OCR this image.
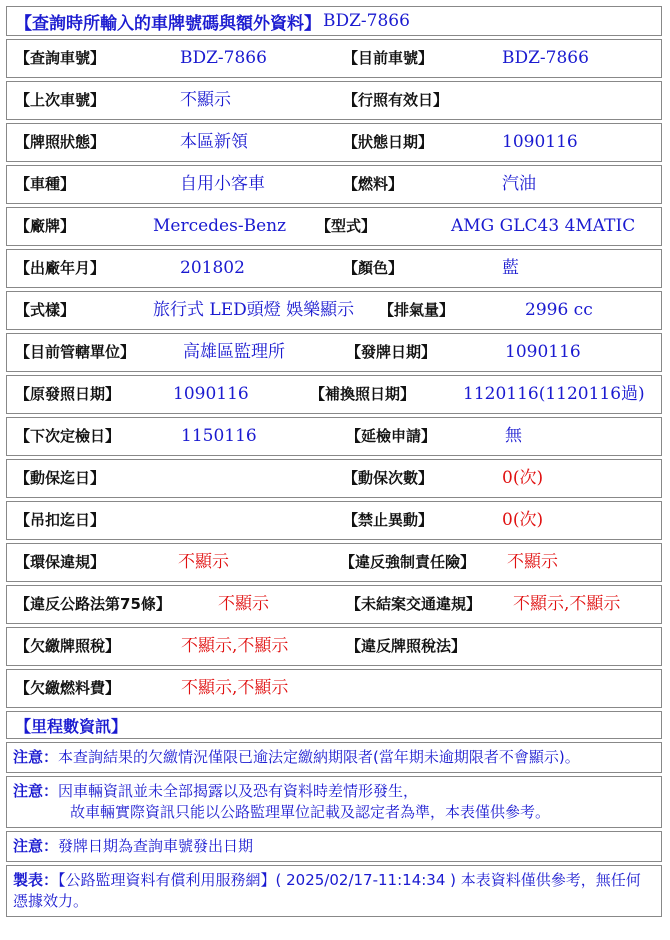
【查詢時所輸入的車牌號碼與額外資料】 BDZ-7866
【查詢車號】	BDZ-7866	【目前車號】	BDZ-7866
【上次車號】	不顯示	【行照有效日】
【牌照狀態】	本區新領	【狀態日期】	1090116
【車種】	自用小客車	【燃料】	汽油
【廠牌】	Mercedes-Benz 【型式】	AMG GLC43 4MATIC
【出廠年月】	201802	【顏色】	藍
【式樣】	旅行式 LED頭燈 娛樂顯示 【排氣量】	2996 cc
【目前管轄單位】	高雄區監理所	【發牌日期】	1090116
【原發照日期】	1090116	【補換照日期】	1120116(1120116過)
【下次定檢日】	1150116	【延檢申請】	無
【動保迄日】	【動保次數】	0(次)
【吊扣迄日】	【禁止異動】	0(次)
【環保違規】	不顯示	【違反強制責任險】 不顯示
【違反公路法第75條】	不顯示	【未結案交通違規】 不顯示,不顯示
【欠繳牌照稅】	不顯示,不顯示	【違反牌照稅法】
【欠繳燃料費】	不顯示,不顯示
【里程數資訊】
注意：本查詢結果的欠繳情況僅限已逾法定繳納期限者(當年期未逾期限者不會顯示)。
注意：因車輛資訊並未全部揭露以及恐有資料時差情形發生，
故車輛實際資訊只能以公路監理單位記載及認定者為準，本表僅供參考。
注意：發牌日期為查詢車號發出日期
製表：【公路監理資料有償利用服務網】( 2025/02/17-11:14:34 ) 本表資料僅供參考，無任何憑據效力。
